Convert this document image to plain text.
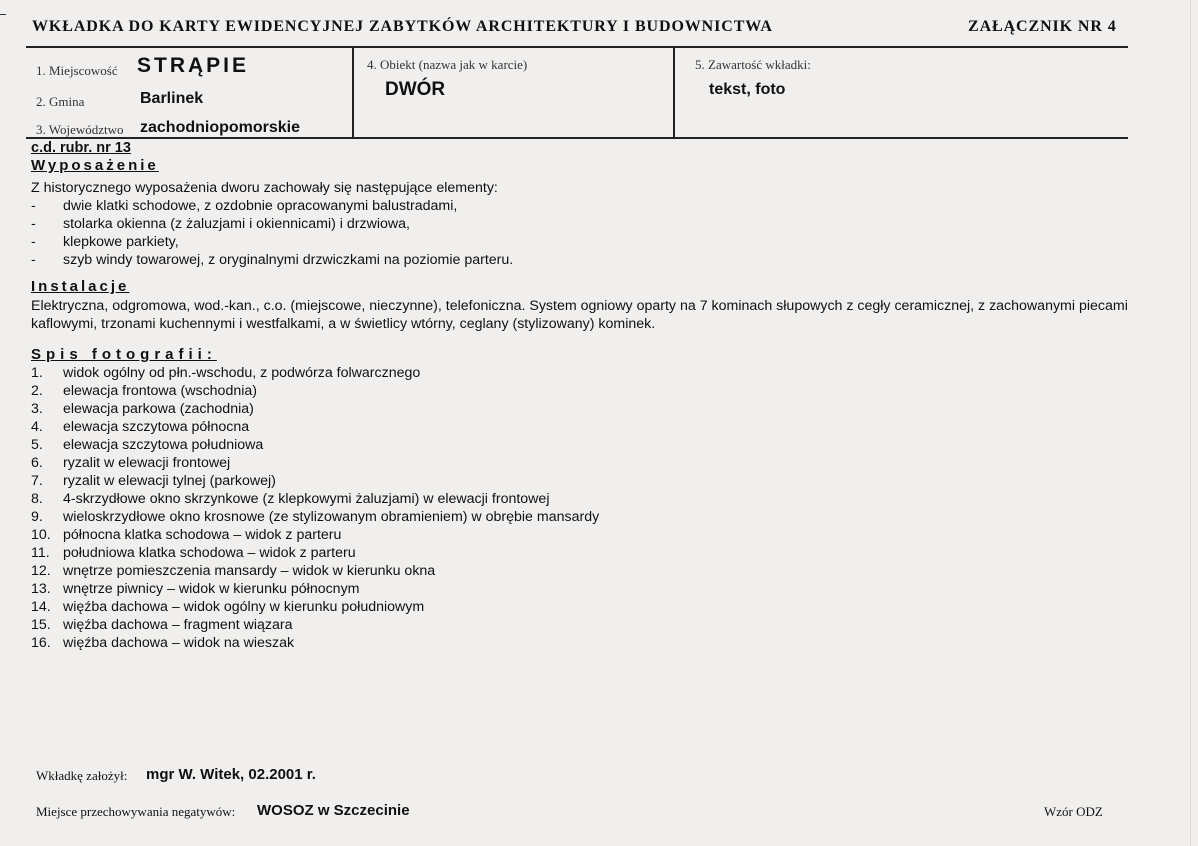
WKŁADKA DO KARTY EWIDENCYJNEJ ZABYTKÓW ARCHITEKTURY I BUDOWNICTWA	ZAŁĄCZNIK NR 4
1. Miejscowość STRĄPIE
2. Gmina	Barlinek
3. Województwo zachodniopomorskie
4. Obiekt (nazwa jak w karcie)
DWÓR
5. Zawartość wkładki:
tekst, foto
c.d. rubr. nr 13
Wyposażenie
Z historycznego wyposażenia dworu zachowały się następujące elementy:
-	dwie klatki schodowe, z ozdobnie opracowanymi balustradami,
-	stolarka okienna (z żaluzjami i okiennicami) i drzwiowa,
-	klepkowe parkiety,
-	szyb windy towarowej, z oryginalnymi drzwiczkami na poziomie parteru.
Instalacje
Elektryczna, odgromowa, wod.-kan., c.o. (miejscowe, nieczynne), telefoniczna. System ogniowy oparty na 7 kominach słupowych z cegły ceramicznej, z zachowanymi piecami kaflowymi, trzonami kuchennymi i westfalkami, a w świetlicy wtórny, ceglany (stylizowany) kominek.
Spis fotografii:
1.	widok ogólny od płn.-wschodu, z podwórza folwarcznego
2.	elewacja frontowa (wschodnia)
3.	elewacja parkowa (zachodnia)
4.	elewacja szczytowa północna
5.	elewacja szczytowa południowa
6.	ryzalit w elewacji frontowej
7.	ryzalit w elewacji tylnej (parkowej)
8.	4-skrzydłowe okno skrzynkowe (z klepkowymi żaluzjami) w elewacji frontowej
9.	wieloskrzydłowe okno krosnowe (ze stylizowanym obramieniem) w obrębie mansardy
10. północna klatka schodowa – widok z parteru
11. południowa klatka schodowa – widok z parteru
12. wnętrze pomieszczenia mansardy – widok w kierunku okna
13. wnętrze piwnicy – widok w kierunku północnym
14. więźba dachowa – widok ogólny w kierunku południowym
15. więźba dachowa – fragment wiązara
16. więźba dachowa – widok na wieszak
Wkładkę założył: mgr W. Witek, 02.2001 r.
Miejsce przechowywania negatywów: WOSOZ w Szczecinie	Wzór ODZ
